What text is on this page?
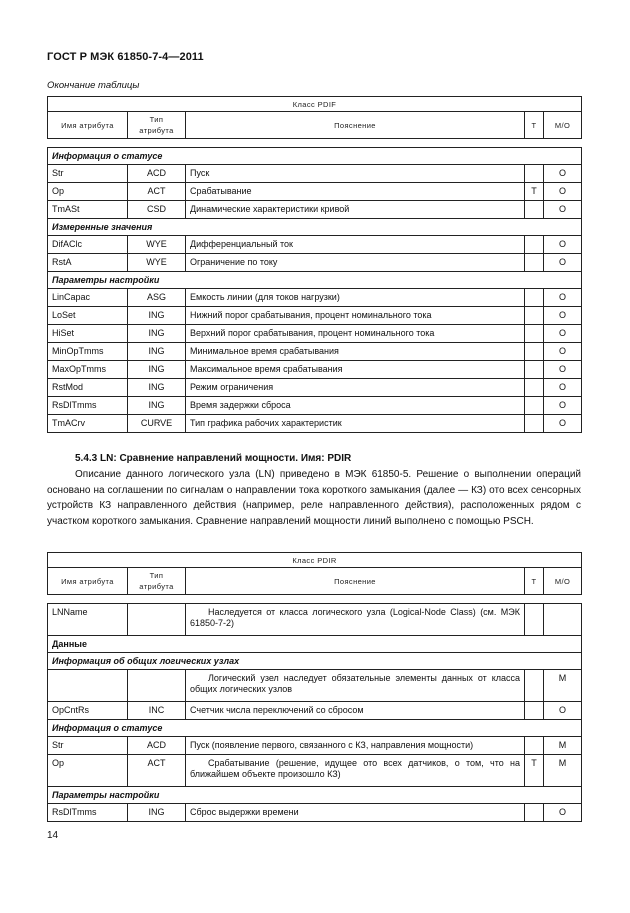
ГОСТ Р МЭК 61850-7-4—2011
Окончание таблицы
Класс PDIF				
Имя атрибута	Тип атрибута	Пояснение	Т	М/О

Информация о статусе				
Str	ACD	Пуск		O
Op	ACT	Срабатывание	T	O
TmASt	CSD	Динамические характеристики кривой		O
Измеренные значения				
DifAClc	WYE	Дифференциальный ток		O
RstA	WYE	Ограничение по току		O
Параметры настройки				
LinCapac	ASG	Емкость линии (для токов нагрузки)		O
LoSet	ING	Нижний порог срабатывания, процент номинального тока		O
HiSet	ING	Верхний порог срабатывания, процент номинального тока		O
MinOpTmms	ING	Минимальное время срабатывания		O
MaxOpTmms	ING	Максимальное время срабатывания		O
RstMod	ING	Режим ограничения		O
RsDlTmms	ING	Время задержки сброса		O
TmACrv	CURVE	Тип графика рабочих характеристик		O
5.4.3 LN: Сравнение направлений мощности. Имя: PDIR

Описание данного логического узла (LN) приведено в МЭК 61850-5. Решение о выполнении операций основано на соглашении по сигналам о направлении тока короткого замыкания (далее — КЗ) ото всех сенсорных устройств КЗ направленного действия (например, реле направленного действия), расположенных рядом с участком короткого замыкания. Сравнение направлений мощности линий выполнено с помощью PSCH.

Класс PDIR				
Имя атрибута	Тип атрибута	Пояснение	Т	М/О

LNName		Наследуется от класса логического узла (Logical-Node Class) (см. МЭК 61850-7-2)		
Данные				
Информация об общих логических узлах				
		Логический узел наследует обязательные элементы данных от класса общих логических узлов		M
OpCntRs	INC	Счетчик числа переключений со сбросом		O
Информация о статусе				
Str	ACD	Пуск (появление первого, связанного с КЗ, направления мощности)		M
Op	ACT	Срабатывание (решение, идущее ото всех датчиков, о том, что на ближайшем объекте произошло КЗ)	T	M
Параметры настройки				
RsDlTmms	ING	Сброс выдержки времени		O
14
